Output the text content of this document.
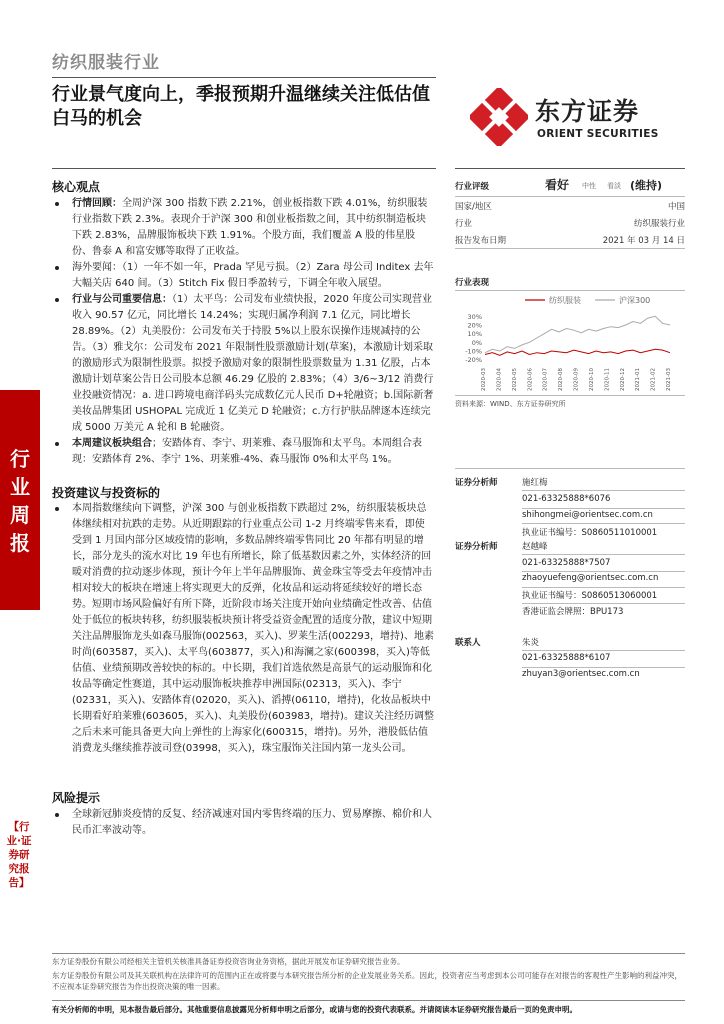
纺织服装行业
行业景气度向上，季报预期升温继续关注低估值白马的机会	东方证券
ORIENT SECURITIES
行业周报
【行业·证券研究报告】
核心观点
行情回顾：全周沪深 300 指数下跌 2.21%，创业板指数下跌 4.01%，纺织服装行业指数下跌 2.3%。表现介于沪深 300 和创业板指数之间，其中纺织制造板块下跌 2.83%，品牌服饰板块下跌 1.91%。个股方面，我们覆盖 A 股的伟星股份、鲁泰 A 和富安娜等取得了正收益。
海外要闻：（1）一年不如一年，Prada 罕见亏损。（2）Zara 母公司 Inditex 去年大幅关店 640 间。（3）Stitch Fix 假日季盈转亏，下调全年收入展望。
行业与公司重要信息：（1）太平鸟：公司发布业绩快报，2020 年度公司实现营业收入 90.57 亿元，同比增长 14.24%；实现归属净利润 7.1 亿元，同比增长 28.89%。（2）丸美股份：公司发布关于持股 5%以上股东误操作违规减持的公告。（3）雅戈尔：公司发布 2021 年限制性股票激励计划(草案)，本激励计划采取的激励形式为限制性股票。拟授予激励对象的限制性股票数量为 1.31 亿股，占本激励计划草案公告日公司股本总额 46.29 亿股的 2.83%；（4）3/6~3/12 消费行业投融资情况：a. 进口跨境电商洋码头完成数亿元人民币 D+轮融资；b.国际新奢美妆品牌集团 USHOPAL 完成近 1 亿美元 D 轮融资；c.方行护肤品牌逐本连续完成 5000 万美元 A 轮和 B 轮融资。
本周建议板块组合；安踏体育、李宁、玥莱雅、森马服饰和太平鸟。本周组合表现：安踏体育 2%、李宁 1%、玥莱雅-4%、森马服饰 0%和太平鸟 1%。
投资建议与投资标的
本周指数继续向下调整，沪深 300 与创业板指数下跌超过 2%，纺织服装板块总体继续相对抗跌的走势。从近期跟踪的行业重点公司 1-2 月终端零售来看，即使受到 1 月国内部分区域疫情的影响，多数品牌终端零售同比 20 年都有明显的增长，部分龙头的流水对比 19 年也有所增长，除了低基数因素之外，实体经济的回暖对消费的拉动逐步体现，预计今年上半年品牌服饰、黄金珠宝等受去年疫情冲击相对较大的板块在增速上将实现更大的反弹，化妆品和运动将延续较好的增长态势。短期市场风险偏好有所下降，近阶段市场关注度开始向业绩确定性改善、估值处于低位的板块转移，纺织服装板块预计将受益资金配置的适度分散，建议中短期关注品牌服饰龙头如森马服饰(002563，买入)、罗莱生活(002293，增持)、地素时尚(603587，买入)、太平鸟(603877，买入)和海澜之家(600398，买入)等低估值、业绩预期改善较快的标的。中长期，我们首选依然是高景气的运动服饰和化妆品等确定性赛道，其中运动服饰板块推荐申洲国际(02313，买入)、李宁(02331，买入)、安踏体育(02020，买入)、滔搏(06110，增持)，化妆品板块中长期看好珀莱雅(603605，买入)、丸美股份(603983，增持)。建议关注经历调整之后未来可能具备更大向上弹性的上海家化(600315，增持)。另外，港股低估值消费龙头继续推荐波司登(03998，买入)，珠宝服饰关注国内第一龙头公司。
风险提示
全球新冠肺炎疫情的反复、经济减速对国内零售终端的压力、贸易摩擦、棉价和人民币汇率波动等。
行业评级	看好 中性 看淡 (维持)
国家/地区	中国
行业	纺织服装行业
报告发布日期	2021 年 03 月 14 日
行业表现
纺织服装	沪深300
30%
20%
10%
0%
-10%
-20%
2020-03 2020-04 2020-05 2020-06 2020-07 2020-08 2020-09 2020-10 2020-11 2020-12 2021-01 2021-02 2021-03
资料来源：WIND、东方证券研究所
证券分析师	施红梅
021-63325888*6076
shihongmei@orientsec.com.cn
执业证书编号：S0860511010001
证券分析师	赵越峰
021-63325888*7507
zhaoyuefeng@orientsec.com.cn
执业证书编号：S0860513060001
香港证监会牌照：BPU173
联系人	朱炎
021-63325888*6107
zhuyan3@orientsec.com.cn
东方证券股份有限公司经相关主管机关核准具备证券投资咨询业务资格，据此开展发布证券研究报告业务。
东方证券股份有限公司及其关联机构在法律许可的范围内正在或将要与本研究报告所分析的企业发展业务关系。因此，投资者应当考虑到本公司可能存在对报告的客观性产生影响的利益冲突，不应视本证券研究报告为作出投资决策的唯一因素。
有关分析师的申明，见本报告最后部分。其他重要信息披露见分析师申明之后部分，或请与您的投资代表联系。并请阅读本证券研究报告最后一页的免责申明。
